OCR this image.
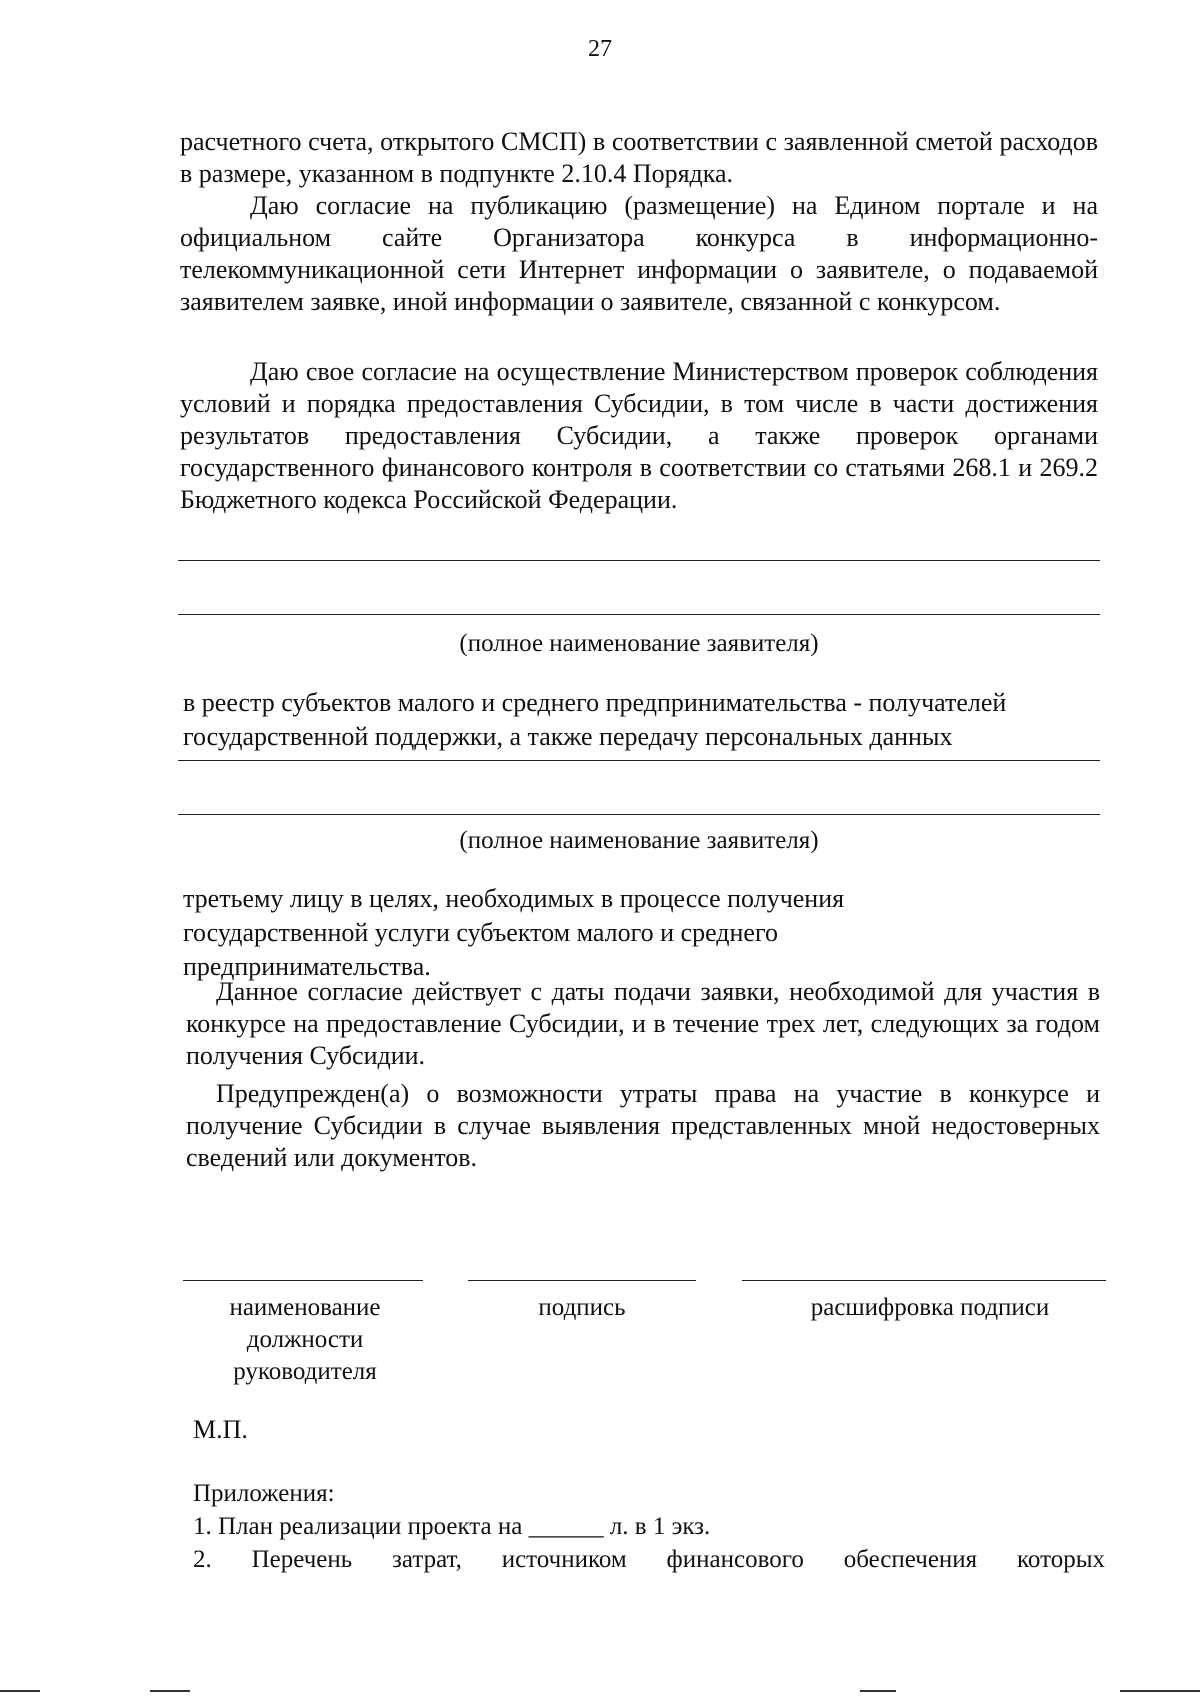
27

расчетного счета, открытого СМСП) в соответствии с заявленной сметой расходов в размере, указанном в подпункте 2.10.4 Порядка.

Даю согласие на публикацию (размещение) на Едином портале и на официальном сайте Организатора конкурса в информационно-телекоммуникационной сети Интернет информации о заявителе, о подаваемой заявителем заявке, иной информации о заявителе, связанной с конкурсом.

Даю свое согласие на осуществление Министерством проверок соблюдения условий и порядка предоставления Субсидии, в том числе в части достижения результатов предоставления Субсидии, а также проверок органами государственного финансового контроля в соответствии со статьями 268.1 и 269.2 Бюджетного кодекса Российской Федерации.

(полное наименование заявителя)
в реестр субъектов малого и среднего предпринимательства - получателей государственной поддержки, а также передачу персональных данных
(полное наименование заявителя)
третьему лицу в целях, необходимых в процессе получения государственной услуги субъектом малого и среднего предпринимательства.

Данное согласие действует с даты подачи заявки, необходимой для участия в конкурсе на предоставление Субсидии, и в течение трех лет, следующих за годом получения Субсидии.

Предупрежден(а) о возможности утраты права на участие в конкурсе и получение Субсидии в случае выявления представленных мной недостоверных сведений или документов.

наименование должности руководителя
подпись	расшифровка подписи
М.П.

Приложения:

1. План реализации проекта на ______ л. в 1 экз.

2. Перечень затрат, источником финансового обеспечения которых
